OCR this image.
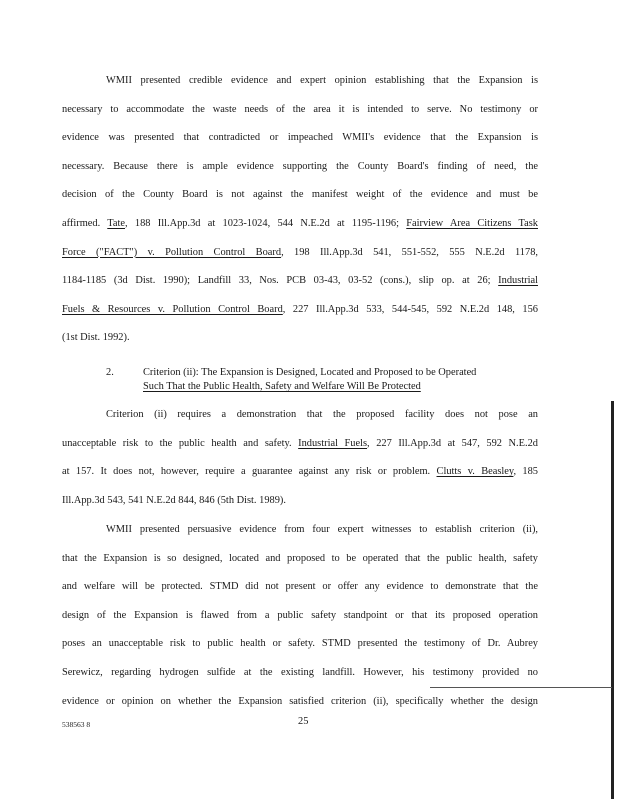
WMII presented credible evidence and expert opinion establishing that the Expansion is
necessary to accommodate the waste needs of the area it is intended to serve. No testimony or
evidence was presented that contradicted or impeached WMII's evidence that the Expansion is
necessary. Because there is ample evidence supporting the County Board's finding of need, the
decision of the County Board is not against the manifest weight of the evidence and must be
affirmed. Tate, 188 Ill.App.3d at 1023-1024, 544 N.E.2d at 1195-1196; Fairview Area Citizens Task
Force ("FACT") v. Pollution Control Board, 198 Ill.App.3d 541, 551-552, 555 N.E.2d 1178,
1184-1185 (3d Dist. 1990); Landfill 33, Nos. PCB 03-43, 03-52 (cons.), slip op. at 26; Industrial
Fuels & Resources v. Pollution Control Board, 227 Ill.App.3d 533, 544-545, 592 N.E.2d 148, 156
(1st Dist. 1992).
2.	Criterion (ii): The Expansion is Designed, Located and Proposed to be Operated
Such That the Public Health, Safety and Welfare Will Be Protected
Criterion (ii) requires a demonstration that the proposed facility does not pose an
unacceptable risk to the public health and safety. Industrial Fuels, 227 Ill.App.3d at 547, 592 N.E.2d
at 157. It does not, however, require a guarantee against any risk or problem. Clutts v. Beasley, 185
Ill.App.3d 543, 541 N.E.2d 844, 846 (5th Dist. 1989).
WMII presented persuasive evidence from four expert witnesses to establish criterion (ii),
that the Expansion is so designed, located and proposed to be operated that the public health, safety
and welfare will be protected. STMD did not present or offer any evidence to demonstrate that the
design of the Expansion is flawed from a public safety standpoint or that its proposed operation
poses an unacceptable risk to public health or safety. STMD presented the testimony of Dr. Aubrey
Serewicz, regarding hydrogen sulfide at the existing landfill. However, his testimony provided no
evidence or opinion on whether the Expansion satisfied criterion (ii), specifically whether the design
538563 8	25
